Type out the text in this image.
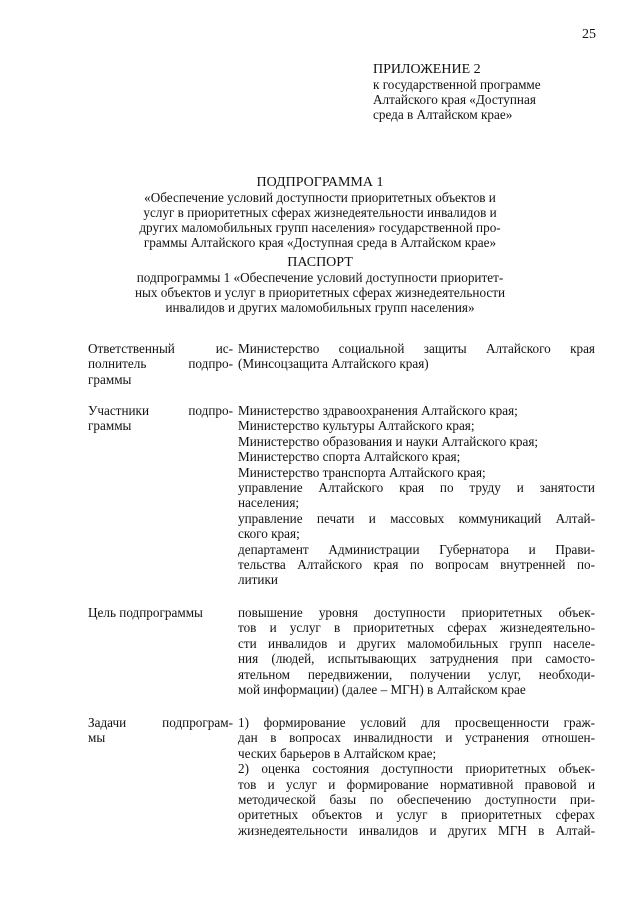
25
ПРИЛОЖЕНИЕ 2
к государственной программе
Алтайского края «Доступная
среда в Алтайском крае»
ПОДПРОГРАММА 1
«Обеспечение условий доступности приоритетных объектов и
услуг в приоритетных сферах жизнедеятельности инвалидов и
других маломобильных групп населения» государственной про-
граммы Алтайского края «Доступная среда в Алтайском крае»
ПАСПОРТ
подпрограммы 1 «Обеспечение условий доступности приоритет-
ных объектов и услуг в приоритетных сферах жизнедеятельности
инвалидов и других маломобильных групп населения»
Ответственный ис-
полнитель подпро-
граммы
Министерство социальной защиты Алтайского края
(Минсоцзащита Алтайского края)
Участники подпро-
граммы
Министерство здравоохранения Алтайского края;
Министерство культуры Алтайского края;
Министерство образования и науки Алтайского края;
Министерство спорта Алтайского края;
Министерство транспорта Алтайского края;
управление Алтайского края по труду и занятости
населения;
управление печати и массовых коммуникаций Алтай-
ского края;
департамент Администрации Губернатора и Прави-
тельства Алтайского края по вопросам внутренней по-
литики
Цель подпрограммы	повышение уровня доступности приоритетных объек-
тов и услуг в приоритетных сферах жизнедеятельно-
сти инвалидов и других маломобильных групп населе-
ния (людей, испытывающих затруднения при самосто-
ятельном передвижении, получении услуг, необходи-
мой информации) (далее – МГН) в Алтайском крае
Задачи подпрограм-
мы
1) формирование условий для просвещенности граж-
дан в вопросах инвалидности и устранения отношен-
ческих барьеров в Алтайском крае;
2) оценка состояния доступности приоритетных объек-
тов и услуг и формирование нормативной правовой и
методической базы по обеспечению доступности при-
оритетных объектов и услуг в приоритетных сферах
жизнедеятельности инвалидов и других МГН в Алтай-
